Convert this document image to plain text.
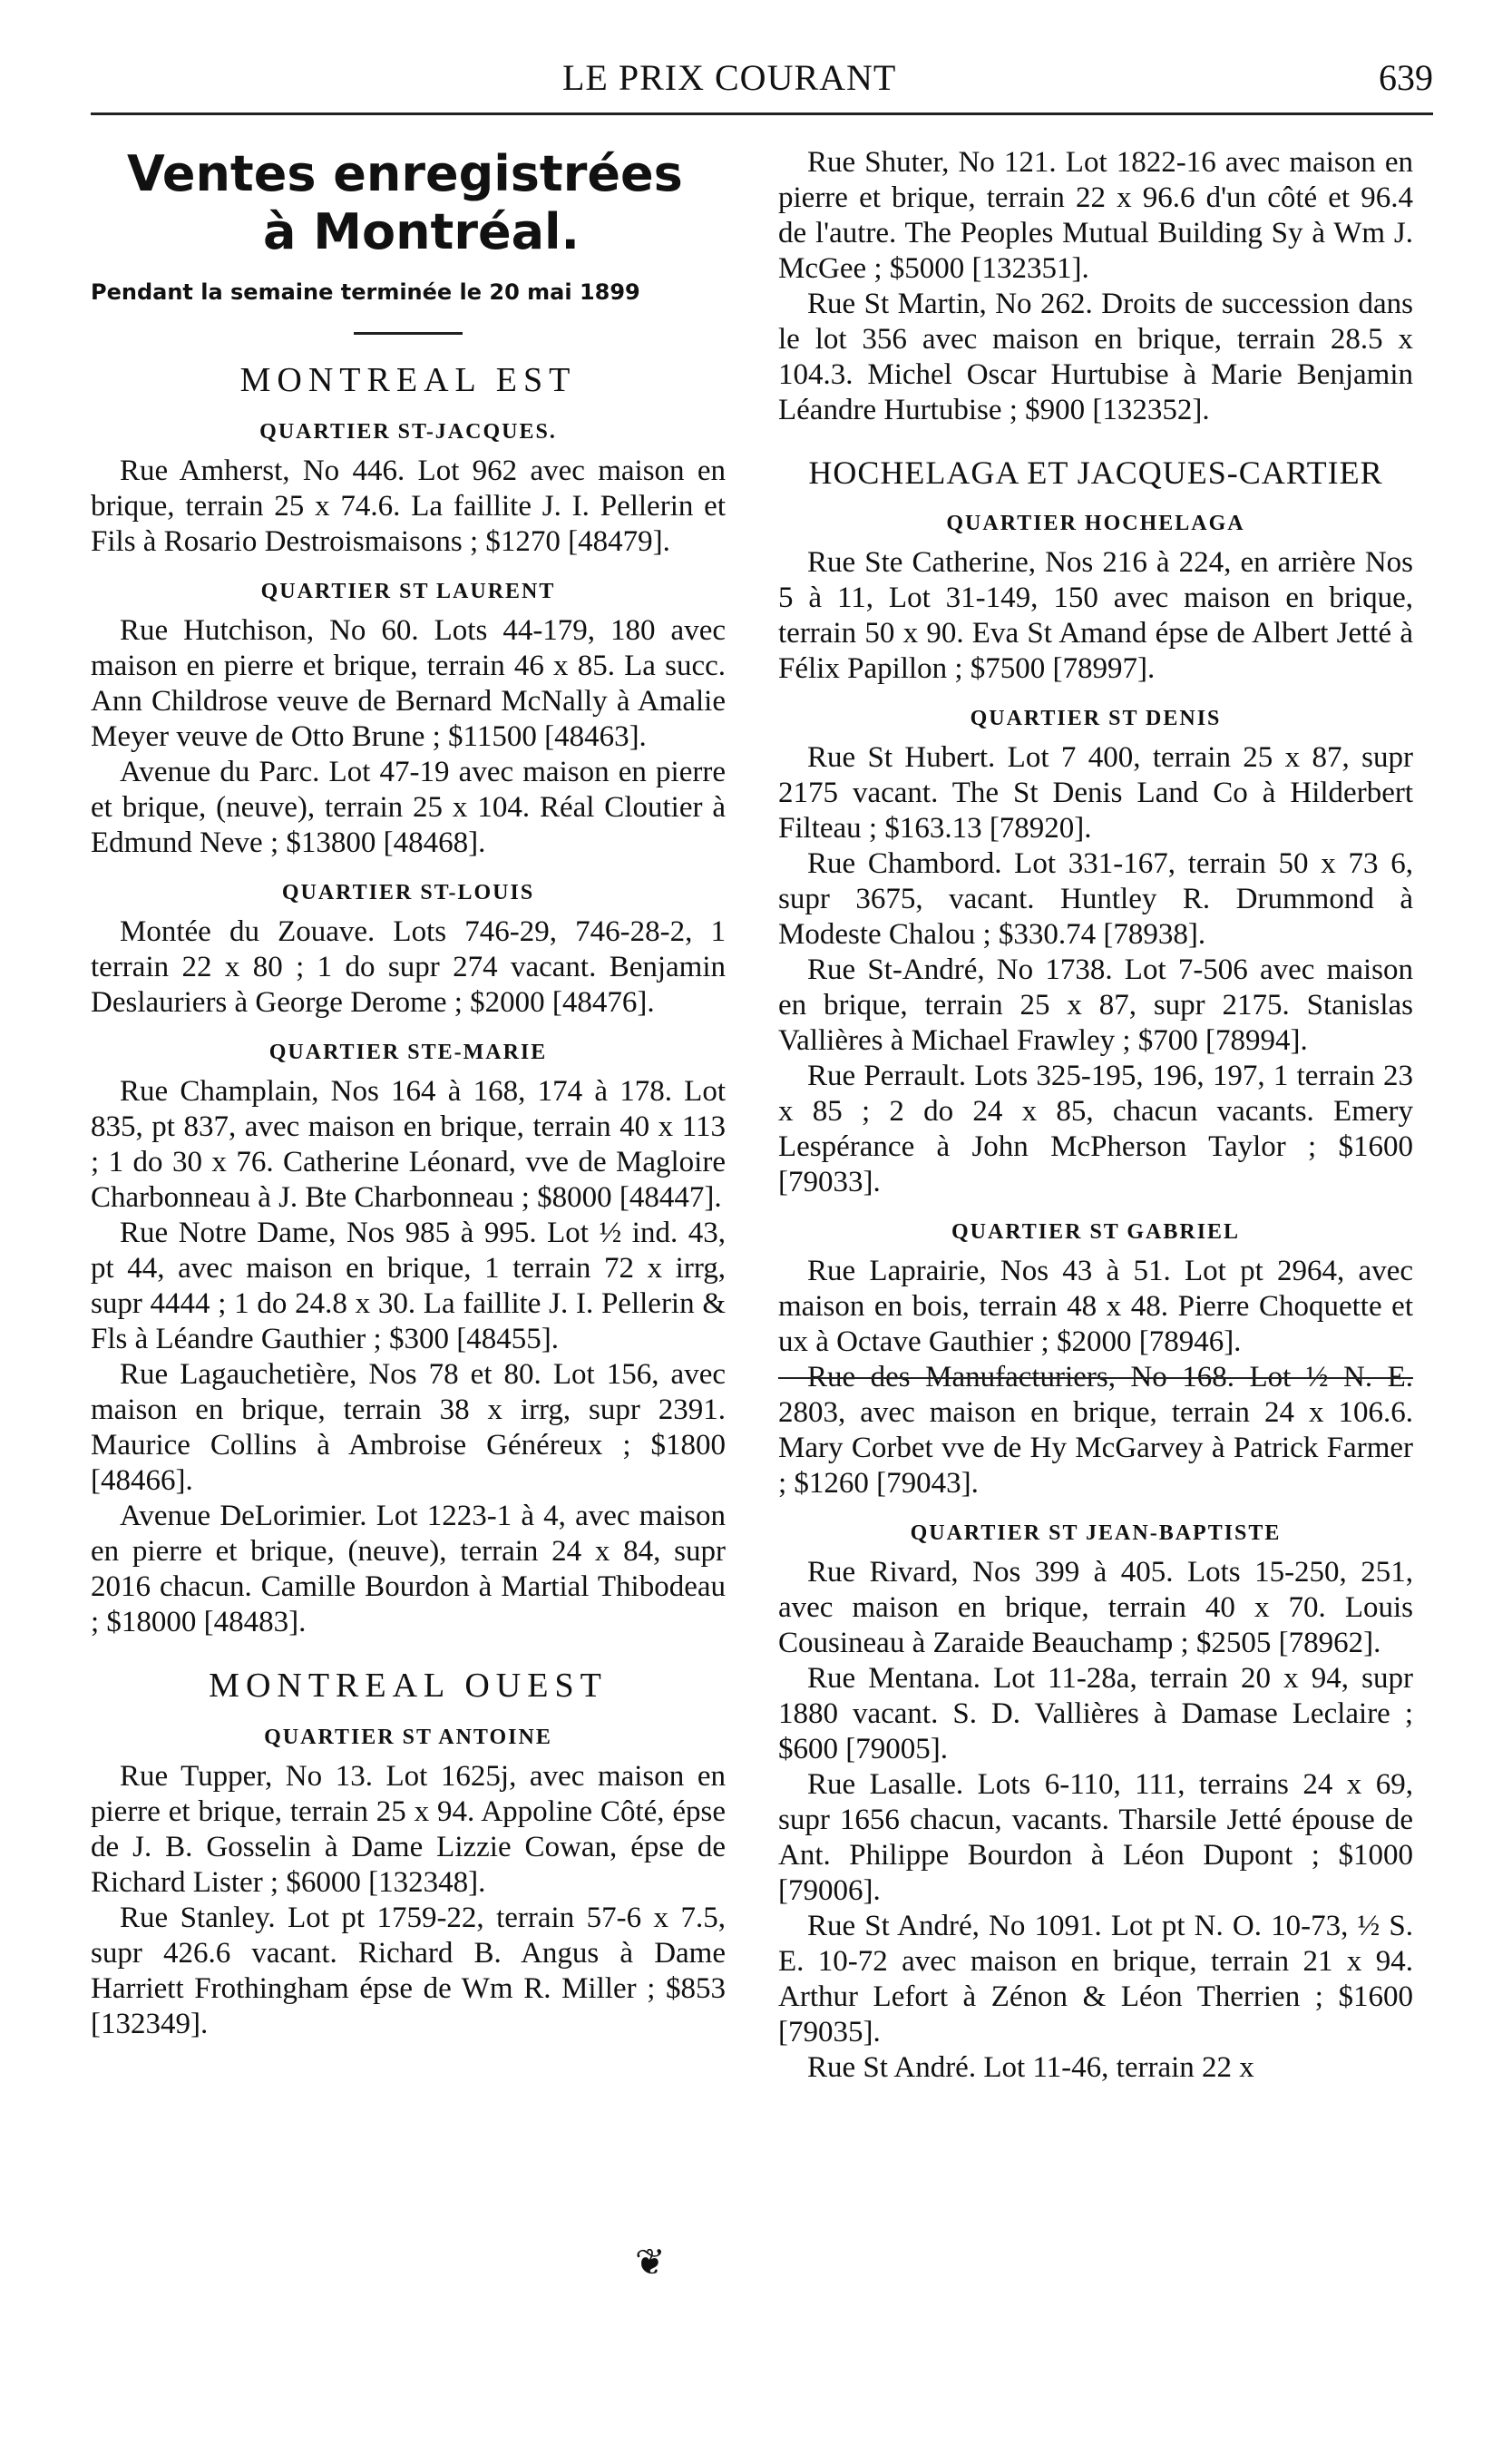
LE PRIX COURANT	639
Ventes enregistrées
à Montréal.
Pendant la semaine terminée le 20 mai 1899
MONTREAL EST
QUARTIER ST-JACQUES.

Rue Amherst, No 446. Lot 962 avec maison en brique, terrain 25 x 74.6. La faillite J. I. Pellerin et Fils à Rosario Destroismaisons ; $1270 [48479].

QUARTIER ST LAURENT

Rue Hutchison, No 60. Lots 44-179, 180 avec maison en pierre et brique, terrain 46 x 85. La succ. Ann Childrose veuve de Bernard McNally à Amalie Meyer veuve de Otto Brune ; $11500 [48463].

Avenue du Parc. Lot 47-19 avec maison en pierre et brique, (neuve), terrain 25 x 104. Réal Cloutier à Edmund Neve ; $13800 [48468].

QUARTIER ST-LOUIS

Montée du Zouave. Lots 746-29, 746-28-2, 1 terrain 22 x 80 ; 1 do supr 274 vacant. Benjamin Deslauriers à George Derome ; $2000 [48476].

QUARTIER STE-MARIE

Rue Champlain, Nos 164 à 168, 174 à 178. Lot 835, pt 837, avec maison en brique, terrain 40 x 113 ; 1 do 30 x 76. Catherine Léonard, vve de Magloire Charbonneau à J. Bte Charbonneau ; $8000 [48447].

Rue Notre Dame, Nos 985 à 995. Lot ½ ind. 43, pt 44, avec maison en brique, 1 terrain 72 x irrg, supr 4444 ; 1 do 24.8 x 30. La faillite J. I. Pellerin & Fls à Léandre Gauthier ; $300 [48455].

Rue Lagauchetière, Nos 78 et 80. Lot 156, avec maison en brique, terrain 38 x irrg, supr 2391. Maurice Collins à Ambroise Généreux ; $1800 [48466].

Avenue DeLorimier. Lot 1223-1 à 4, avec maison en pierre et brique, (neuve), terrain 24 x 84, supr 2016 chacun. Camille Bourdon à Martial Thibodeau ; $18000 [48483].

MONTREAL OUEST
QUARTIER ST ANTOINE

Rue Tupper, No 13. Lot 1625j, avec maison en pierre et brique, terrain 25 x 94. Appoline Côté, épse de J. B. Gosselin à Dame Lizzie Cowan, épse de Richard Lister ; $6000 [132348].

Rue Stanley. Lot pt 1759-22, terrain 57-6 x 7.5, supr 426.6 vacant. Richard B. Angus à Dame Harriett Frothingham épse de Wm R. Miller ; $853 [132349].

Rue Shuter, No 121. Lot 1822-16 avec maison en pierre et brique, terrain 22 x 96.6 d'un côté et 96.4 de l'autre. The Peoples Mutual Building Sy à Wm J. McGee ; $5000 [132351].

Rue St Martin, No 262. Droits de succession dans le lot 356 avec maison en brique, terrain 28.5 x 104.3. Michel Oscar Hurtubise à Marie Benjamin Léandre Hurtubise ; $900 [132352].

HOCHELAGA ET JACQUES-CARTIER
QUARTIER HOCHELAGA

Rue Ste Catherine, Nos 216 à 224, en arrière Nos 5 à 11, Lot 31-149, 150 avec maison en brique, terrain 50 x 90. Eva St Amand épse de Albert Jetté à Félix Papillon ; $7500 [78997].

QUARTIER ST DENIS

Rue St Hubert. Lot 7 400, terrain 25 x 87, supr 2175 vacant. The St Denis Land Co à Hilderbert Filteau ; $163.13 [78920].

Rue Chambord. Lot 331-167, terrain 50 x 73 6, supr 3675, vacant. Huntley R. Drummond à Modeste Chalou ; $330.74 [78938].

Rue St-André, No 1738. Lot 7-506 avec maison en brique, terrain 25 x 87, supr 2175. Stanislas Vallières à Michael Frawley ; $700 [78994].

Rue Perrault. Lots 325-195, 196, 197, 1 terrain 23 x 85 ; 2 do 24 x 85, chacun vacants. Emery Lespérance à John McPherson Taylor ; $1600 [79033].

QUARTIER ST GABRIEL

Rue Laprairie, Nos 43 à 51. Lot pt 2964, avec maison en bois, terrain 48 x 48. Pierre Choquette et ux à Octave Gauthier ; $2000 [78946].

Rue des Manufacturiers, No 168. Lot ½ N. E. 2803, avec maison en brique, terrain 24 x 106.6. Mary Corbet vve de Hy McGarvey à Patrick Farmer ; $1260 [79043].

QUARTIER ST JEAN-BAPTISTE

Rue Rivard, Nos 399 à 405. Lots 15-250, 251, avec maison en brique, terrain 40 x 70. Louis Cousineau à Zaraide Beauchamp ; $2505 [78962].

Rue Mentana. Lot 11-28a, terrain 20 x 94, supr 1880 vacant. S. D. Vallières à Damase Leclaire ; $600 [79005].

Rue Lasalle. Lots 6-110, 111, terrains 24 x 69, supr 1656 chacun, vacants. Tharsile Jetté épouse de Ant. Philippe Bourdon à Léon Dupont ; $1000 [79006].

Rue St André, No 1091. Lot pt N. O. 10-73, ½ S. E. 10-72 avec maison en brique, terrain 21 x 94. Arthur Lefort à Zénon & Léon Therrien ; $1600 [79035].

Rue St André. Lot 11-46, terrain 22 x

❦
